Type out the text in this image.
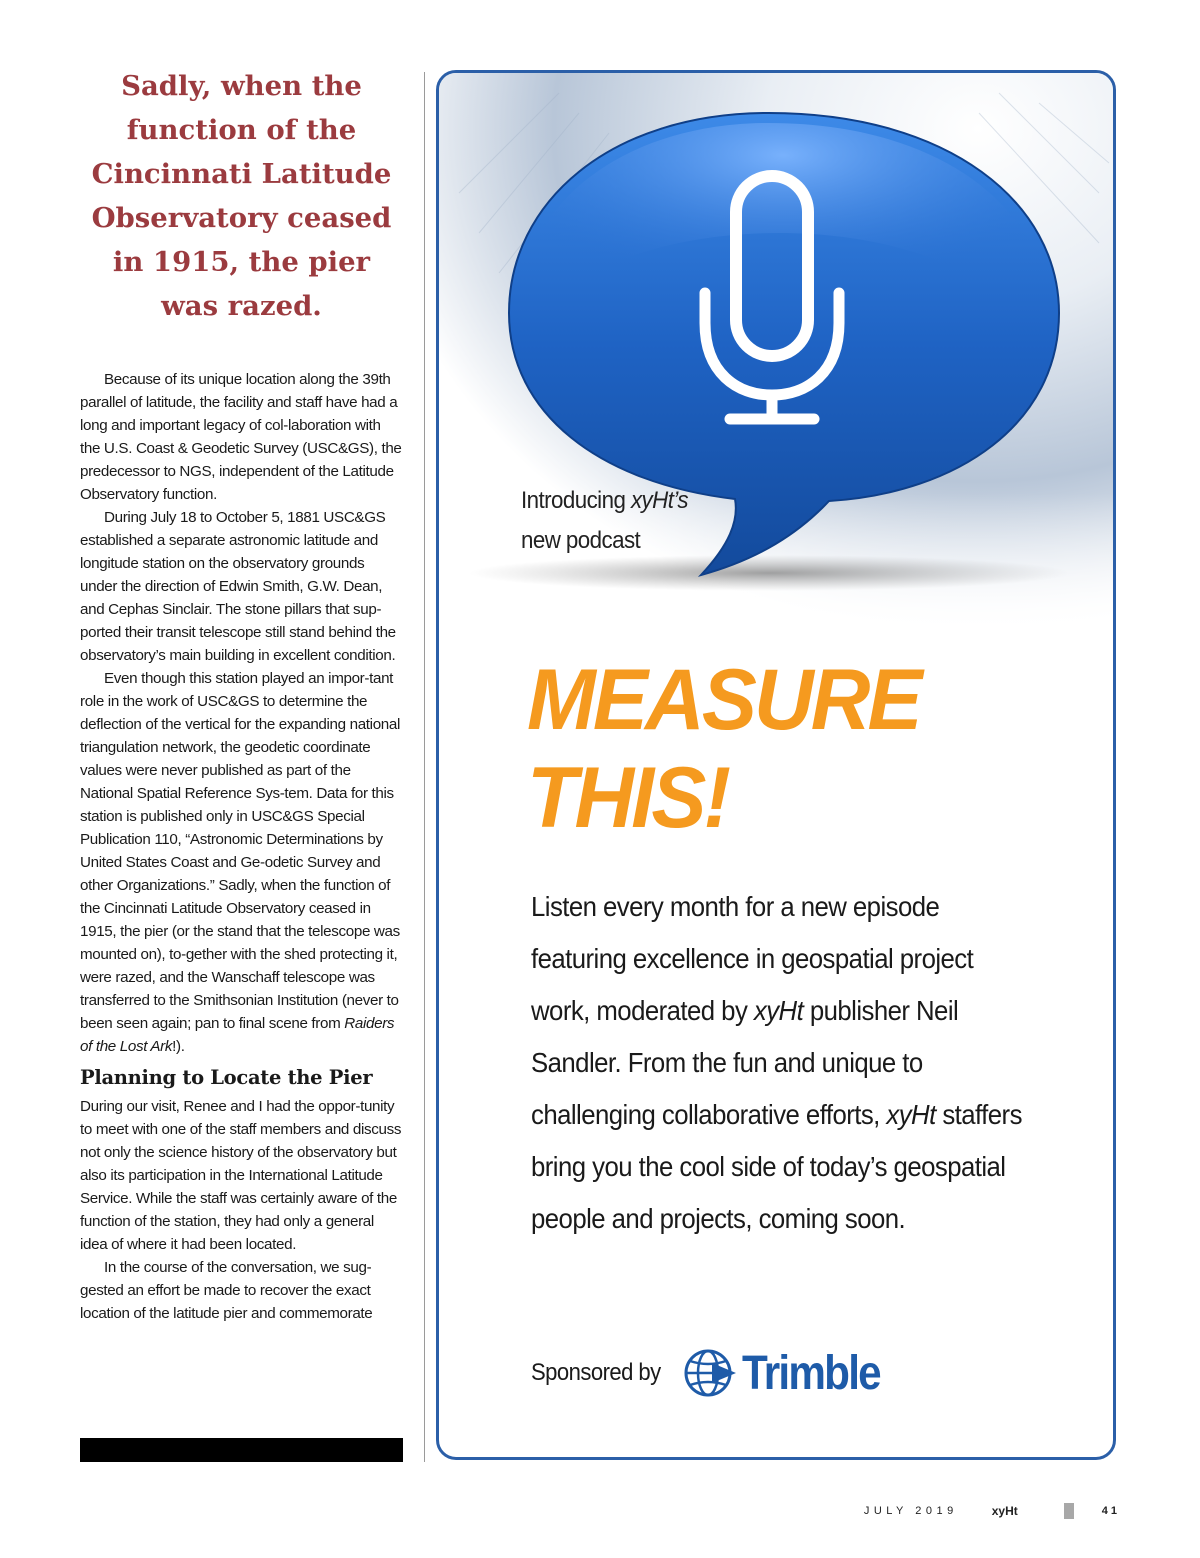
Sadly, when the
function of the
Cincinnati Latitude
Observatory ceased
in 1915, the pier
was razed.

Because of its unique location along the 39th parallel of latitude, the facility and staff have had a long and important legacy of col-laboration with the U.S. Coast & Geodetic Survey (USC&GS), the predecessor to NGS, independent of the Latitude Observatory function.

During July 18 to October 5, 1881 USC&GS established a separate astronomic latitude and longitude station on the observatory grounds under the direction of Edwin Smith, G.W. Dean, and Cephas Sinclair. The stone pillars that sup-ported their transit telescope still stand behind the observatory’s main building in excellent condition.

Even though this station played an impor-tant role in the work of USC&GS to determine the deflection of the vertical for the expanding national triangulation network, the geodetic coordinate values were never published as part of the National Spatial Reference Sys-tem. Data for this station is published only in USC&GS Special Publication 110, “Astronomic Determinations by United States Coast and Ge-odetic Survey and other Organizations.” Sadly, when the function of the Cincinnati Latitude Observatory ceased in 1915, the pier (or the stand that the telescope was mounted on), to-gether with the shed protecting it, were razed, and the Wanschaff telescope was transferred to the Smithsonian Institution (never to been seen again; pan to final scene from Raiders of the Lost Ark!).

Planning to Locate the Pier

During our visit, Renee and I had the oppor-tunity to meet with one of the staff members and discuss not only the science history of the observatory but also its participation in the International Latitude Service. While the staff was certainly aware of the function of the station, they had only a general idea of where it had been located.

In the course of the conversation, we sug-gested an effort be made to recover the exact location of the latitude pier and commemorate

Introducing xyHt’s
new podcast
MEASURE
THIS!
Listen every month for a new episode featuring excellence in geospatial project work, moderated by xyHt publisher Neil Sandler. From the fun and unique to challenging collaborative efforts, xyHt staffers bring you the cool side of today’s geospatial people and projects, coming soon.
Sponsored by Trimble
JULY 2019	xyHt	41
